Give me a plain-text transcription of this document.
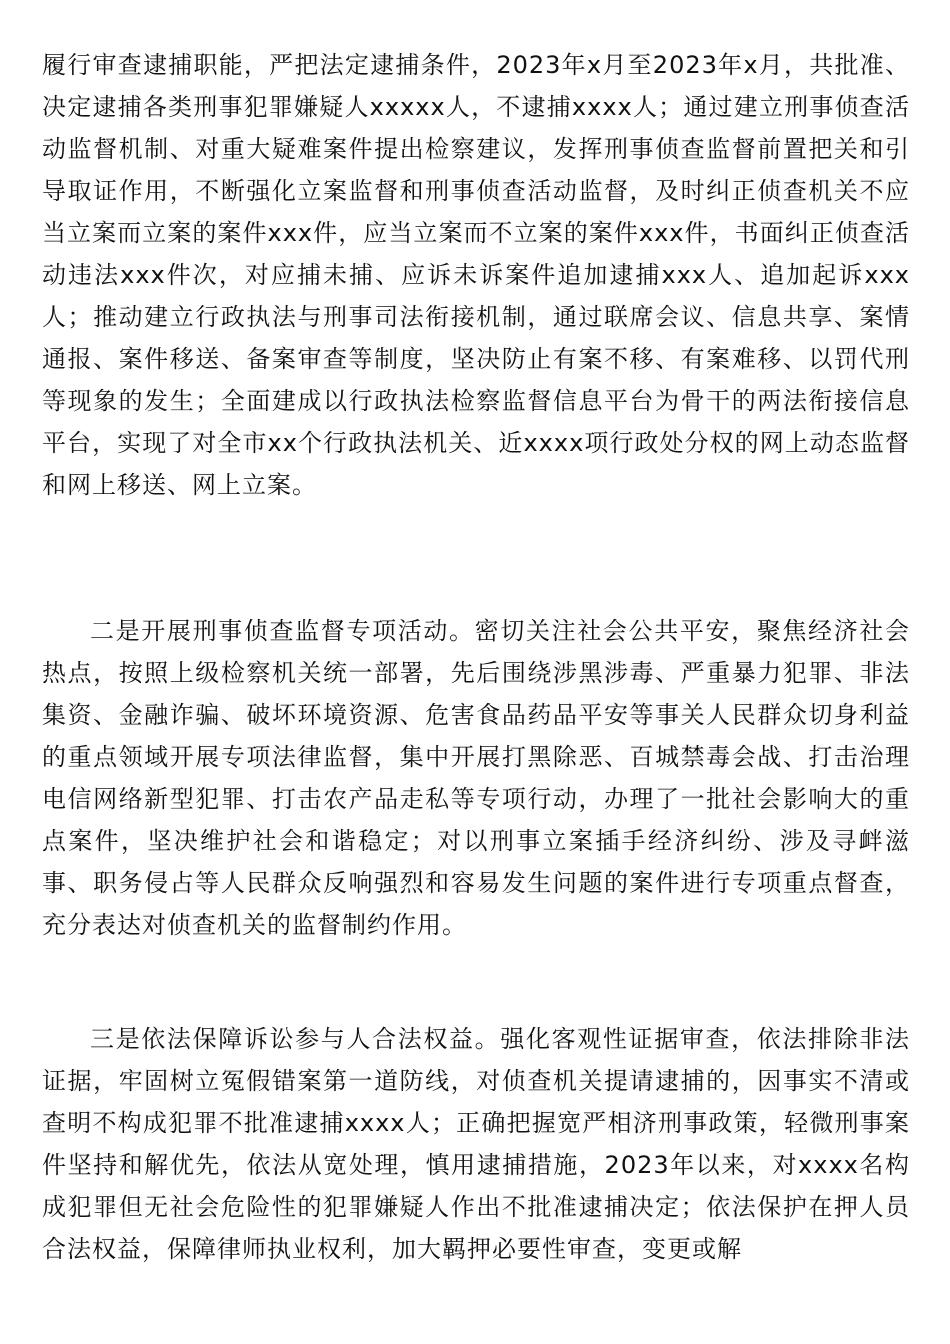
履行审查逮捕职能，严把法定逮捕条件，2023年x月至2023年x月，共批准、决定逮捕各类刑事犯罪嫌疑人xxxxx人，不逮捕xxxx人；通过建立刑事侦查活动监督机制、对重大疑难案件提出检察建议，发挥刑事侦查监督前置把关和引导取证作用，不断强化立案监督和刑事侦查活动监督，及时纠正侦查机关不应当立案而立案的案件xxx件，应当立案而不立案的案件xxx件，书面纠正侦查活动违法xxx件次，对应捕未捕、应诉未诉案件追加逮捕xxx人、追加起诉xxx人；推动建立行政执法与刑事司法衔接机制，通过联席会议、信息共享、案情通报、案件移送、备案审查等制度，坚决防止有案不移、有案难移、以罚代刑等现象的发生；全面建成以行政执法检察监督信息平台为骨干的两法衔接信息平台，实现了对全市xx个行政执法机关、近xxxx项行政处分权的网上动态监督和网上移送、网上立案。

二是开展刑事侦查监督专项活动。密切关注社会公共平安，聚焦经济社会热点，按照上级检察机关统一部署，先后围绕涉黑涉毒、严重暴力犯罪、非法集资、金融诈骗、破坏环境资源、危害食品药品平安等事关人民群众切身利益的重点领域开展专项法律监督，集中开展打黑除恶、百城禁毒会战、打击治理电信网络新型犯罪、打击农产品走私等专项行动，办理了一批社会影响大的重点案件，坚决维护社会和谐稳定；对以刑事立案插手经济纠纷、涉及寻衅滋事、职务侵占等人民群众反响强烈和容易发生问题的案件进行专项重点督查，充分表达对侦查机关的监督制约作用。

三是依法保障诉讼参与人合法权益。强化客观性证据审查，依法排除非法证据，牢固树立冤假错案第一道防线，对侦查机关提请逮捕的，因事实不清或查明不构成犯罪不批准逮捕xxxx人；正确把握宽严相济刑事政策，轻微刑事案件坚持和解优先，依法从宽处理，慎用逮捕措施，2023年以来，对xxxx名构成犯罪但无社会危险性的犯罪嫌疑人作出不批准逮捕决定；依法保护在押人员合法权益，保障律师执业权利，加大羁押必要性审查，变更或解
